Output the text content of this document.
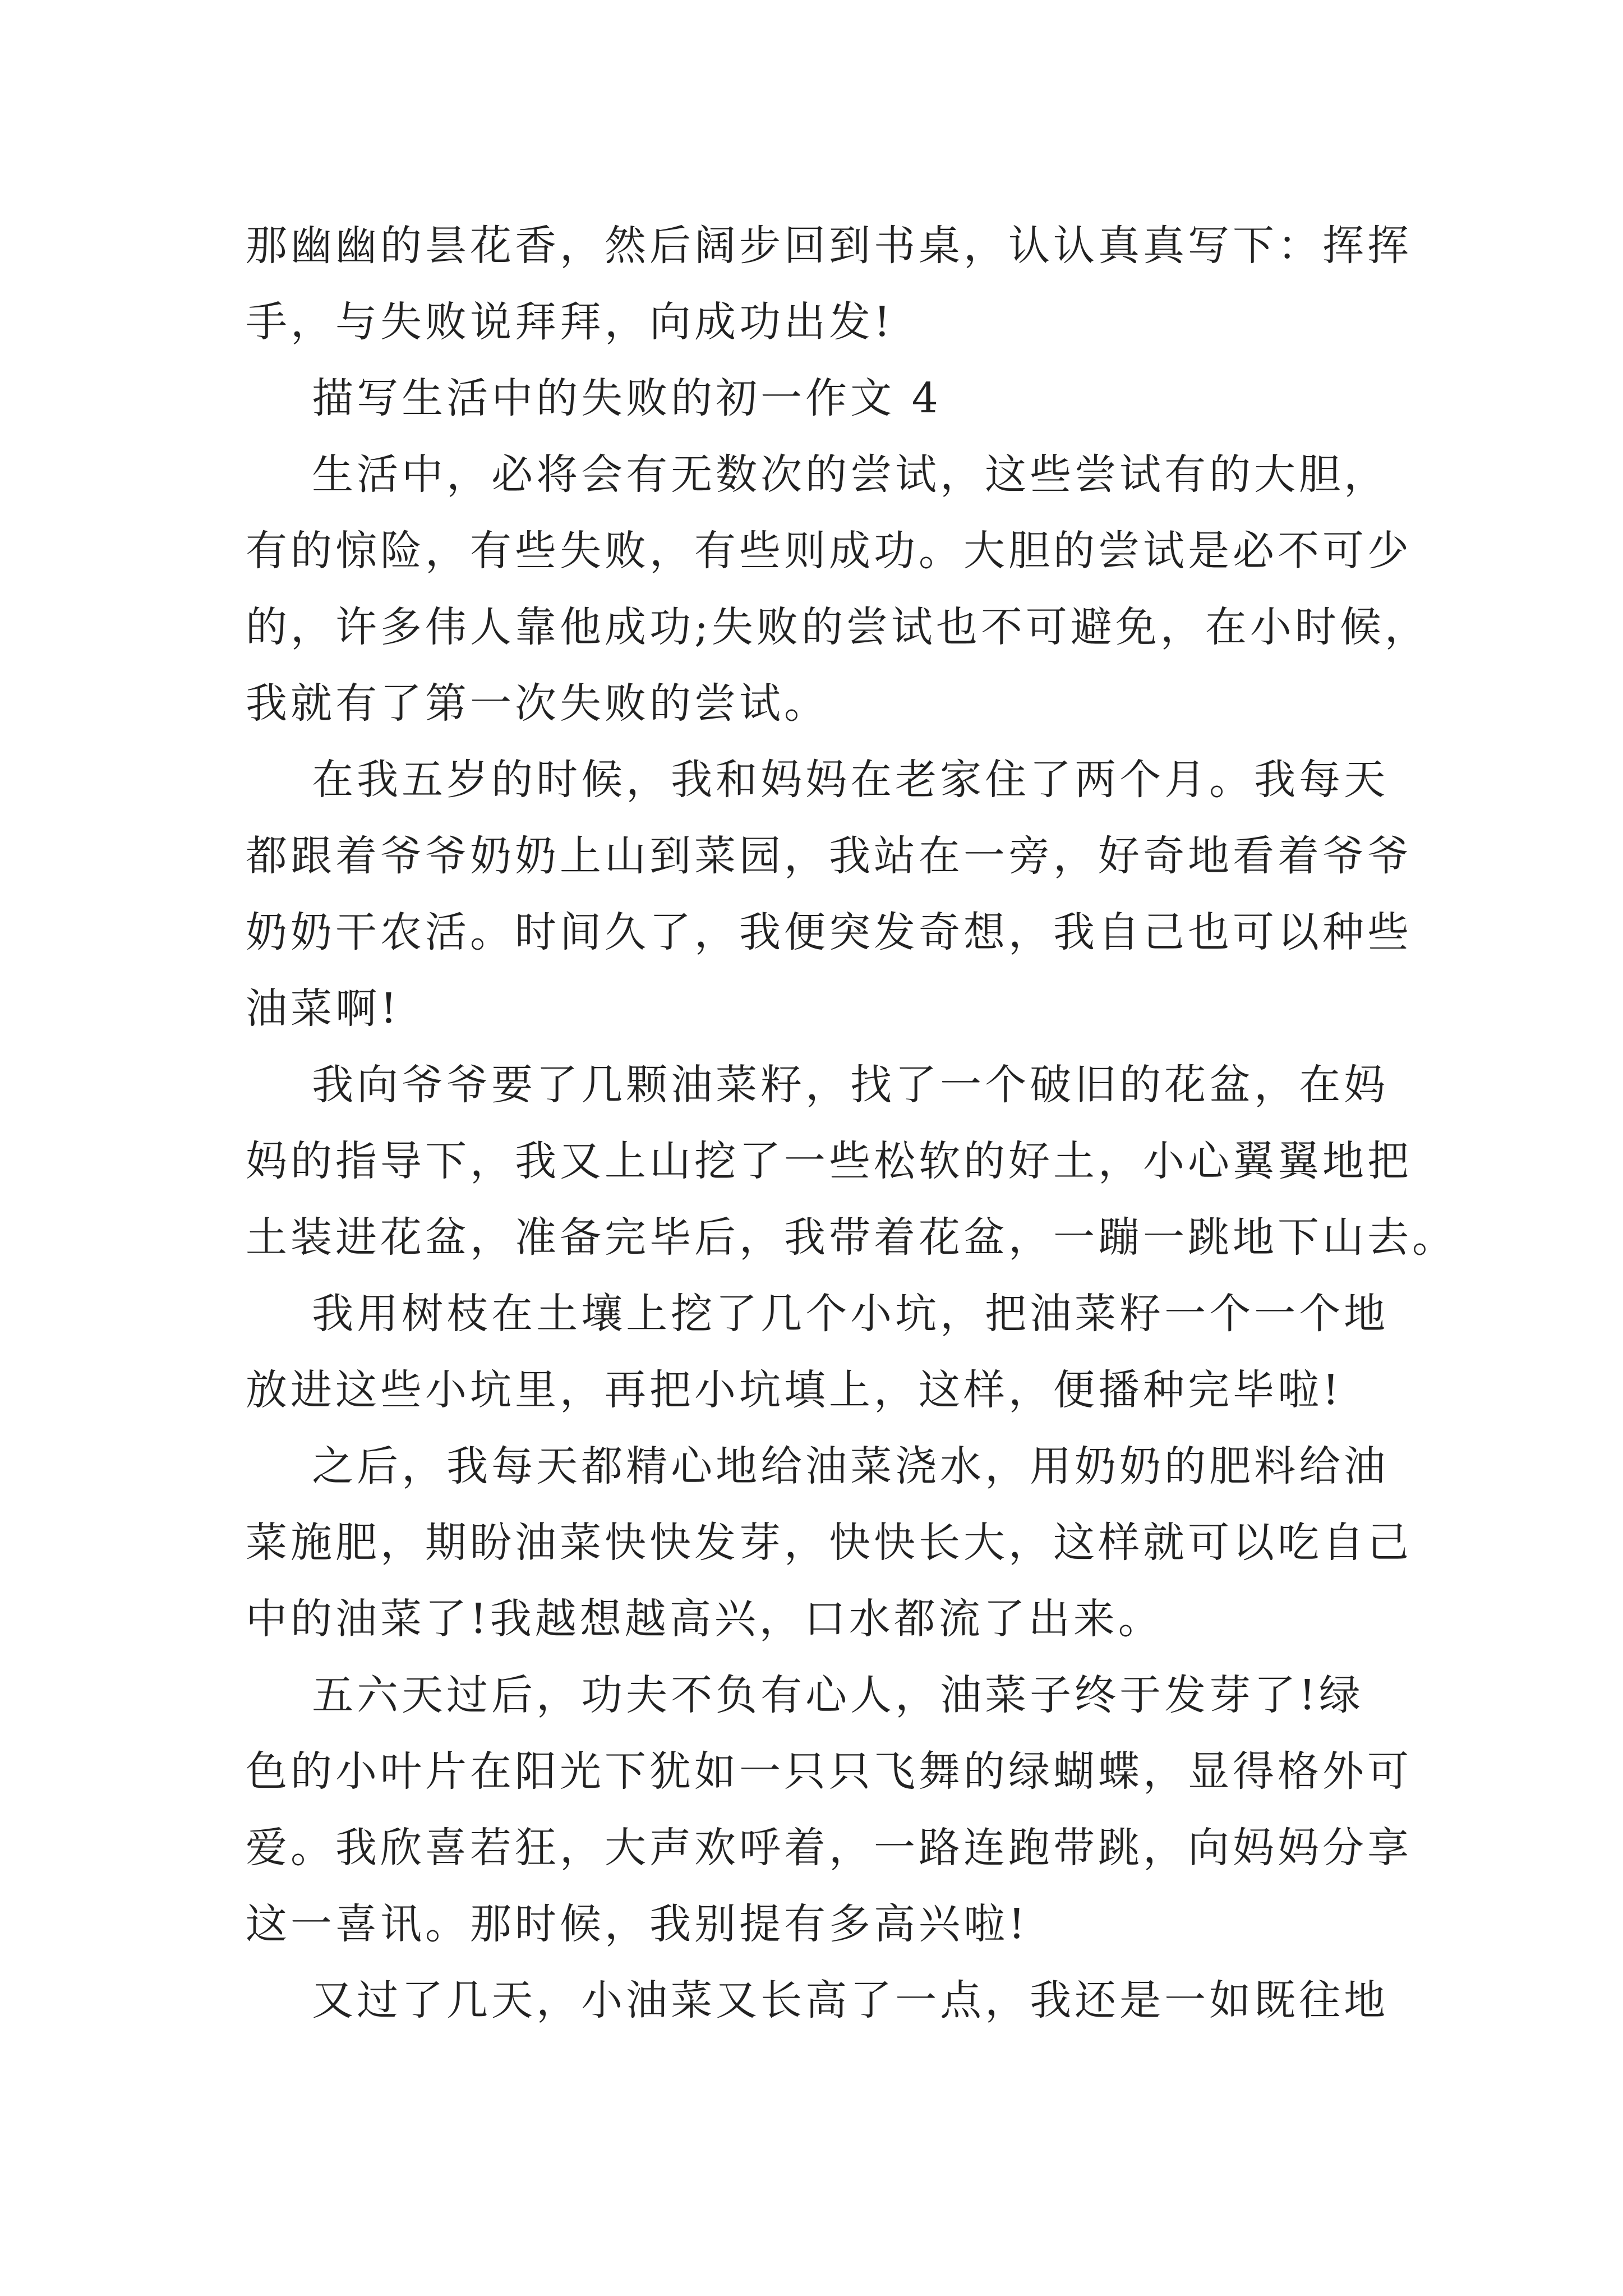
那幽幽的昙花香，然后阔步回到书桌，认认真真写下：挥挥
手，与失败说拜拜，向成功出发!
描写生活中的失败的初一作文 4
生活中，必将会有无数次的尝试，这些尝试有的大胆，
有的惊险，有些失败，有些则成功。大胆的尝试是必不可少
的，许多伟人靠他成功;失败的尝试也不可避免，在小时候，
我就有了第一次失败的尝试。
在我五岁的时候，我和妈妈在老家住了两个月。我每天
都跟着爷爷奶奶上山到菜园，我站在一旁，好奇地看着爷爷
奶奶干农活。时间久了，我便突发奇想，我自己也可以种些
油菜啊!
我向爷爷要了几颗油菜籽，找了一个破旧的花盆，在妈
妈的指导下，我又上山挖了一些松软的好土，小心翼翼地把
土装进花盆，准备完毕后，我带着花盆，一蹦一跳地下山去。
我用树枝在土壤上挖了几个小坑，把油菜籽一个一个地
放进这些小坑里，再把小坑填上，这样，便播种完毕啦!
之后，我每天都精心地给油菜浇水，用奶奶的肥料给油
菜施肥，期盼油菜快快发芽，快快长大，这样就可以吃自己
中的油菜了!我越想越高兴，口水都流了出来。
五六天过后，功夫不负有心人，油菜子终于发芽了!绿
色的小叶片在阳光下犹如一只只飞舞的绿蝴蝶，显得格外可
爱。我欣喜若狂，大声欢呼着，一路连跑带跳，向妈妈分享
这一喜讯。那时候，我别提有多高兴啦!
又过了几天，小油菜又长高了一点，我还是一如既往地
